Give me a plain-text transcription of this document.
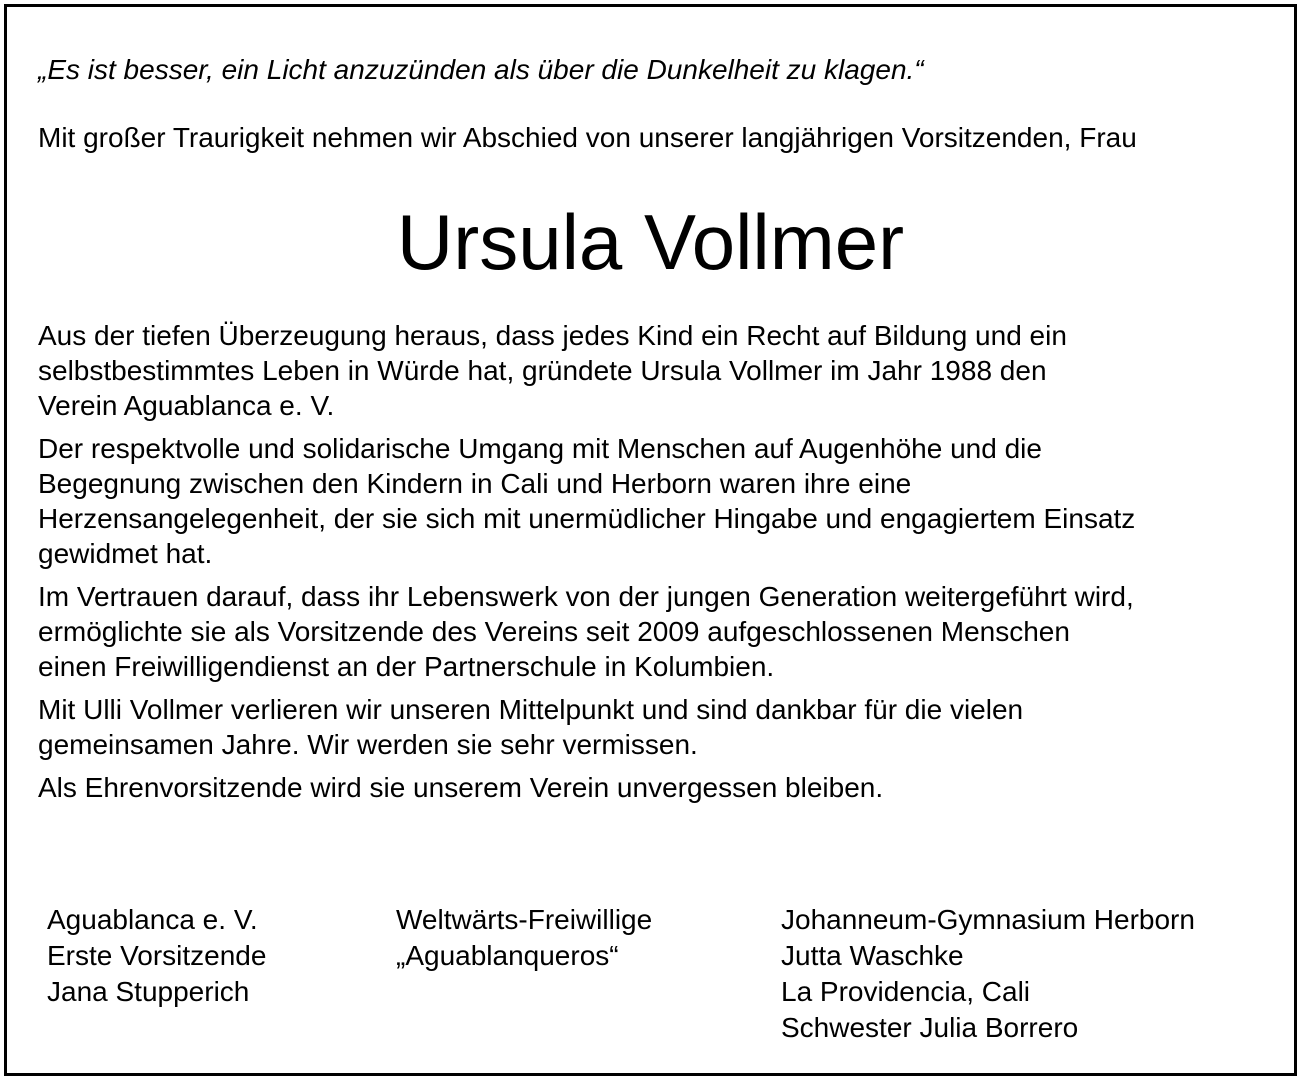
„Es ist besser, ein Licht anzuzünden als über die Dunkelheit zu klagen.“
Mit großer Traurigkeit nehmen wir Abschied von unserer langjährigen Vorsitzenden, Frau
Ursula Vollmer

Aus der tiefen Überzeugung heraus, dass jedes Kind ein Recht auf Bildung und ein
selbstbestimmtes Leben in Würde hat, gründete Ursula Vollmer im Jahr 1988 den
Verein Aguablanca e. V.

Der respektvolle und solidarische Umgang mit Menschen auf Augenhöhe und die
Begegnung zwischen den Kindern in Cali und Herborn waren ihre eine
Herzensangelegenheit, der sie sich mit unermüdlicher Hingabe und engagiertem Einsatz
gewidmet hat.

Im Vertrauen darauf, dass ihr Lebenswerk von der jungen Generation weitergeführt wird,
ermöglichte sie als Vorsitzende des Vereins seit 2009 aufgeschlossenen Menschen
einen Freiwilligendienst an der Partnerschule in Kolumbien.

Mit Ulli Vollmer verlieren wir unseren Mittelpunkt und sind dankbar für die vielen
gemeinsamen Jahre. Wir werden sie sehr vermissen.

Als Ehrenvorsitzende wird sie unserem Verein unvergessen bleiben.

Aguablanca e. V.
Erste Vorsitzende
Jana Stupperich
Weltwärts-Freiwillige
„Aguablanqueros“
Johanneum-Gymnasium Herborn
Jutta Waschke
La Providencia, Cali
Schwester Julia Borrero
